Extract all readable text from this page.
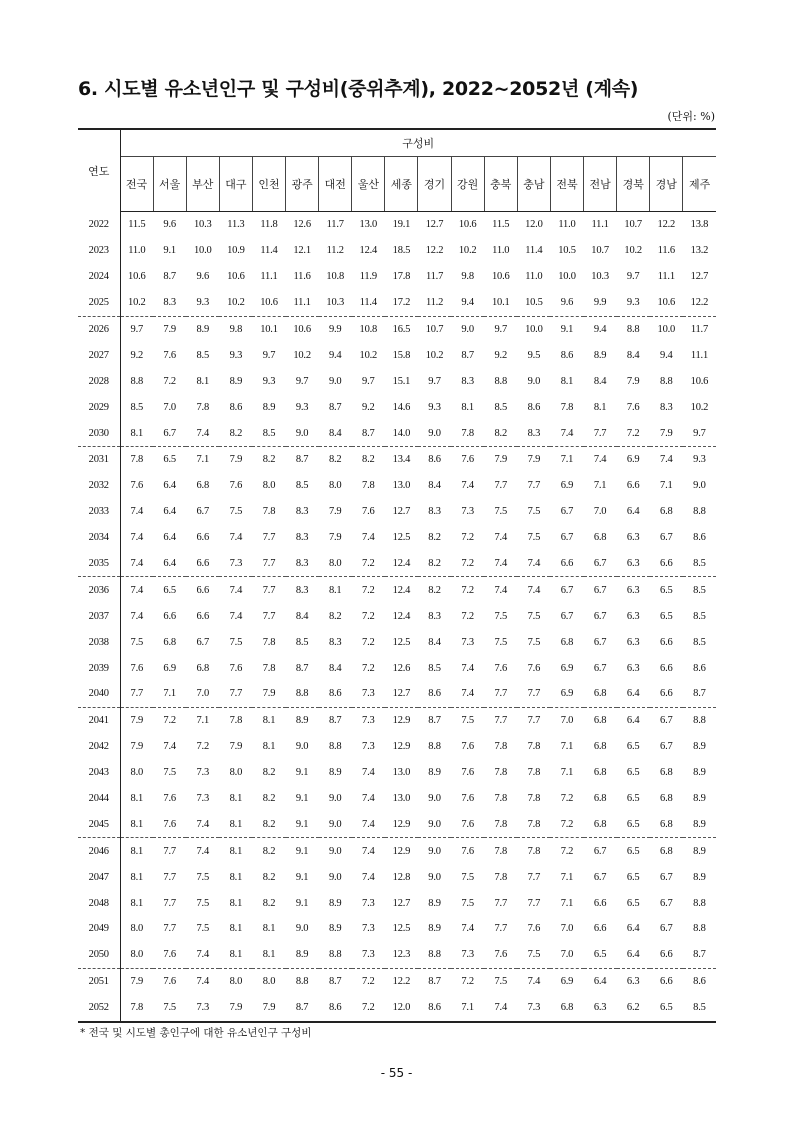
6. 시도별 유소년인구 및 구성비(중위추계), 2022~2052년 (계속)
(단위: %)
연도	구성비																	
	전국	서울	부산	대구	인천	광주	대전	울산	세종	경기	강원	충북	충남	전북	전남	경북	경남	제주
2022	11.5	9.6	10.3	11.3	11.8	12.6	11.7	13.0	19.1	12.7	10.6	11.5	12.0	11.0	11.1	10.7	12.2	13.8
2023	11.0	9.1	10.0	10.9	11.4	12.1	11.2	12.4	18.5	12.2	10.2	11.0	11.4	10.5	10.7	10.2	11.6	13.2
2024	10.6	8.7	9.6	10.6	11.1	11.6	10.8	11.9	17.8	11.7	9.8	10.6	11.0	10.0	10.3	9.7	11.1	12.7
2025	10.2	8.3	9.3	10.2	10.6	11.1	10.3	11.4	17.2	11.2	9.4	10.1	10.5	9.6	9.9	9.3	10.6	12.2
2026	9.7	7.9	8.9	9.8	10.1	10.6	9.9	10.8	16.5	10.7	9.0	9.7	10.0	9.1	9.4	8.8	10.0	11.7
2027	9.2	7.6	8.5	9.3	9.7	10.2	9.4	10.2	15.8	10.2	8.7	9.2	9.5	8.6	8.9	8.4	9.4	11.1
2028	8.8	7.2	8.1	8.9	9.3	9.7	9.0	9.7	15.1	9.7	8.3	8.8	9.0	8.1	8.4	7.9	8.8	10.6
2029	8.5	7.0	7.8	8.6	8.9	9.3	8.7	9.2	14.6	9.3	8.1	8.5	8.6	7.8	8.1	7.6	8.3	10.2
2030	8.1	6.7	7.4	8.2	8.5	9.0	8.4	8.7	14.0	9.0	7.8	8.2	8.3	7.4	7.7	7.2	7.9	9.7
2031	7.8	6.5	7.1	7.9	8.2	8.7	8.2	8.2	13.4	8.6	7.6	7.9	7.9	7.1	7.4	6.9	7.4	9.3
2032	7.6	6.4	6.8	7.6	8.0	8.5	8.0	7.8	13.0	8.4	7.4	7.7	7.7	6.9	7.1	6.6	7.1	9.0
2033	7.4	6.4	6.7	7.5	7.8	8.3	7.9	7.6	12.7	8.3	7.3	7.5	7.5	6.7	7.0	6.4	6.8	8.8
2034	7.4	6.4	6.6	7.4	7.7	8.3	7.9	7.4	12.5	8.2	7.2	7.4	7.5	6.7	6.8	6.3	6.7	8.6
2035	7.4	6.4	6.6	7.3	7.7	8.3	8.0	7.2	12.4	8.2	7.2	7.4	7.4	6.6	6.7	6.3	6.6	8.5
2036	7.4	6.5	6.6	7.4	7.7	8.3	8.1	7.2	12.4	8.2	7.2	7.4	7.4	6.7	6.7	6.3	6.5	8.5
2037	7.4	6.6	6.6	7.4	7.7	8.4	8.2	7.2	12.4	8.3	7.2	7.5	7.5	6.7	6.7	6.3	6.5	8.5
2038	7.5	6.8	6.7	7.5	7.8	8.5	8.3	7.2	12.5	8.4	7.3	7.5	7.5	6.8	6.7	6.3	6.6	8.5
2039	7.6	6.9	6.8	7.6	7.8	8.7	8.4	7.2	12.6	8.5	7.4	7.6	7.6	6.9	6.7	6.3	6.6	8.6
2040	7.7	7.1	7.0	7.7	7.9	8.8	8.6	7.3	12.7	8.6	7.4	7.7	7.7	6.9	6.8	6.4	6.6	8.7
2041	7.9	7.2	7.1	7.8	8.1	8.9	8.7	7.3	12.9	8.7	7.5	7.7	7.7	7.0	6.8	6.4	6.7	8.8
2042	7.9	7.4	7.2	7.9	8.1	9.0	8.8	7.3	12.9	8.8	7.6	7.8	7.8	7.1	6.8	6.5	6.7	8.9
2043	8.0	7.5	7.3	8.0	8.2	9.1	8.9	7.4	13.0	8.9	7.6	7.8	7.8	7.1	6.8	6.5	6.8	8.9
2044	8.1	7.6	7.3	8.1	8.2	9.1	9.0	7.4	13.0	9.0	7.6	7.8	7.8	7.2	6.8	6.5	6.8	8.9
2045	8.1	7.6	7.4	8.1	8.2	9.1	9.0	7.4	12.9	9.0	7.6	7.8	7.8	7.2	6.8	6.5	6.8	8.9
2046	8.1	7.7	7.4	8.1	8.2	9.1	9.0	7.4	12.9	9.0	7.6	7.8	7.8	7.2	6.7	6.5	6.8	8.9
2047	8.1	7.7	7.5	8.1	8.2	9.1	9.0	7.4	12.8	9.0	7.5	7.8	7.7	7.1	6.7	6.5	6.7	8.9
2048	8.1	7.7	7.5	8.1	8.2	9.1	8.9	7.3	12.7	8.9	7.5	7.7	7.7	7.1	6.6	6.5	6.7	8.8
2049	8.0	7.7	7.5	8.1	8.1	9.0	8.9	7.3	12.5	8.9	7.4	7.7	7.6	7.0	6.6	6.4	6.7	8.8
2050	8.0	7.6	7.4	8.1	8.1	8.9	8.8	7.3	12.3	8.8	7.3	7.6	7.5	7.0	6.5	6.4	6.6	8.7
2051	7.9	7.6	7.4	8.0	8.0	8.8	8.7	7.2	12.2	8.7	7.2	7.5	7.4	6.9	6.4	6.3	6.6	8.6
2052	7.8	7.5	7.3	7.9	7.9	8.7	8.6	7.2	12.0	8.6	7.1	7.4	7.3	6.8	6.3	6.2	6.5	8.5
* 전국 및 시도별 총인구에 대한 유소년인구 구성비
- 55 -
